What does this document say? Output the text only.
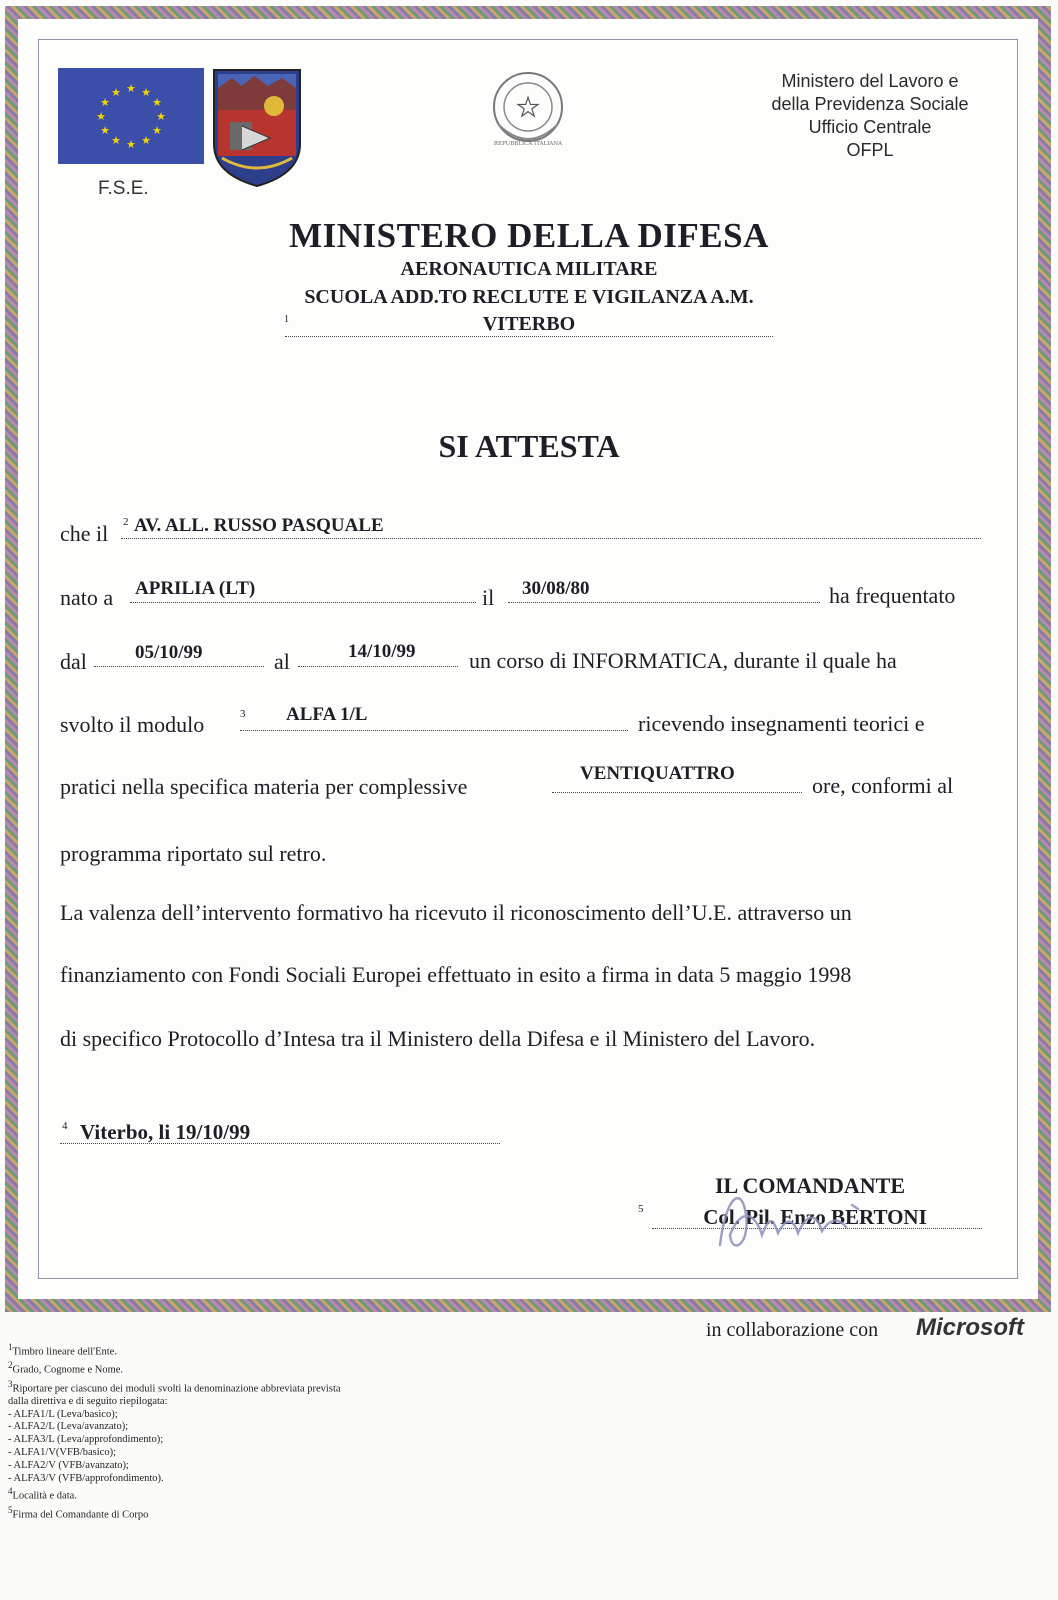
★ ★
★
★
★
★
★
★
★
★
★
★
F.S.E.
★
REPUBBLICA ITALIANA
Ministero del Lavoro e
della Previdenza Sociale
Ufficio Centrale
OFPL
MINISTERO DELLA DIFESA
AERONAUTICA MILITARE
SCUOLA ADD.TO RECLUTE E VIGILANZA A.M.
1	VITERBO
SI ATTESTA
che il 2 AV. ALL. RUSSO PASQUALE
nato a APRILIA (LT)	il 30/08/80	ha frequentato
dal	05/10/99	al	14/10/99 un corso di INFORMATICA, durante il quale ha
svolto il modulo	3 ALFA 1/L	ricevendo insegnamenti teorici e
pratici nella specifica materia per complessive
VENTIQUATTRO	ore, conformi al
programma riportato sul retro.
La valenza dell’intervento formativo ha ricevuto il riconoscimento dell’U.E. attraverso un
finanziamento con Fondi Sociali Europei effettuato in esito a firma in data 5 maggio 1998
di specifico Protocollo d’Intesa tra il Ministero della Difesa e il Ministero del Lavoro.
4 Viterbo, li 19/10/99
IL COMANDANTE
5	Col. Pil. Enzo BERTONI
in collaborazione con Microsoft
$^1$Timbro lineare dell'Ente.
$^2$Grado, Cognome e Nome.
$^3$Riportare per ciascuno dei moduli svolti la denominazione abbreviata prevista
dalla direttiva e di seguito riepilogata:
- ALFA1/L (Leva/basico);
- ALFA2/L (Leva/avanzato);
- ALFA3/L (Leva/approfondimento);
- ALFA1/V(VFB/basico);
- ALFA2/V (VFB/avanzato);
- ALFA3/V (VFB/approfondimento).
$^4$Località e data.
$^5$Firma del Comandante di Corpo
